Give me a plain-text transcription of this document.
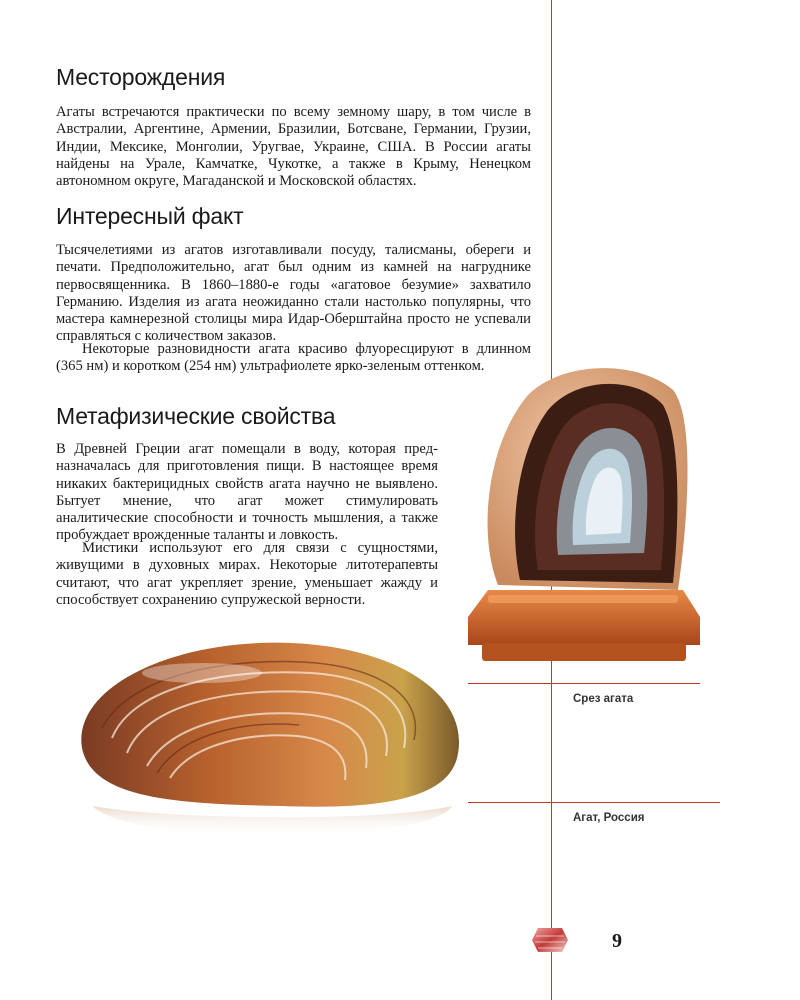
Месторождения

Агаты встречаются практически по всему земному шару, в том числе в Австралии, Аргентине, Армении, Бразилии, Ботсване, Германии, Грузии, Индии, Мексике, Монголии, Уругвае, Украине, США. В России агаты найдены на Урале, Камчатке, Чукотке, а также в Крыму, Ненецком автономном округе, Магаданской и Московской областях.

Интересный факт

Тысячелетиями из агатов изготавливали посуду, талисманы, обереги и печати. Предположительно, агат был одним из камней на нагруднике первосвященника. В 1860–1880-е годы «агатовое безумие» захватило Германию. Изделия из агата неожиданно стали настолько популярны, что мастера камнерезной столицы мира Идар-Оберштайна просто не успевали справляться с количеством заказов.

Некоторые разновидности агата красиво флуоресцируют в длинном (365 нм) и коротком (254 нм) ультрафиолете ярко-зеленым оттенком.

Метафизические свойства

В Древней Греции агат помещали в воду, которая предназначалась для приготовления пищи. В настоящее время никаких бактерицидных свойств агата научно не выявлено. Бытует мнение, что агат может стимулировать аналитические способности и точность мышления, а также пробуждает врожденные таланты и ловкость.

Мистики используют его для связи с сущностями, живущими в духовных мирах. Некоторые литотерапевты считают, что агат укрепляет зрение, уменьшает жажду и способствует сохранению супружеской верности.

Срез агата
Агат, Россия
9
